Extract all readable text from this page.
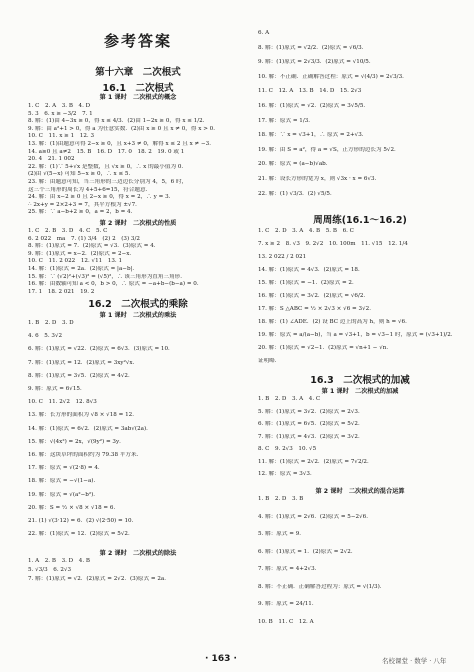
参考答案
第十六章　二次根式
16.1　二次根式
第 1 课时　二次根式的概念
1. C　2. A　3. B　4. D
5. 3　6. x ≥ −3/2　7. 1
8. 解：(1)由 4−3x ≥ 0，得 x ≤ 4/3．(2)由 1−2x ≥ 0，得 x ≤ 1/2．
9. 解：由 a²+1 > 0，得 a 为任意实数．(2)由 x ≥ 0 且 x ≠ 0，得 x > 0．
10. C　11. x ≥ 1　12. 3
13. 解：(1)由题意可得 2−x ≥ 0，且 x+3 ≠ 0，解得 x ≤ 2 且 x ≠ −3．
14. a≥0 且 a≠2　15. B　16. D　17. 0　18. 2　19. 0 或 1
20. 4　21. 1 002
22. 解：(1)∵ 5+√x 是整数，且 √x ≥ 0，∴ x 的最小值为 0．
(2)由 √(5−x) 可知 5−x ≥ 0，∴ x ≤ 5．
23. 解：由题意可知，当三角形的三边边长分别为 4，5，6 时，
这三个三角形的周长为 4+5+6=15，符合题意．
24. 解：由 x−2 ≥ 0 且 2−x ≥ 0，得 x = 2，∴ y = 3．
∴ 2x+y = 2×2+3 = 7，其平方根为 ±√7．
25. 解：∵ a−b+2 ≥ 0，a = 2，b = 4．
第 2 课时　二次根式的性质
1. C　2. B　3. D　4. C　5. C
6. 2 022　ma　7. (1) 3/4　(2) 2　(3) 3/2
8. 解：(1)原式 = 7．(2)原式 = √3．(3)原式 = 4．
9. 解：(1)原式 = x−2．(2)原式 = 2−x．
10. C　11. 2 022　12. √11　13. 1
14. 解：(1)原式 = 2a．(2)原式 = |a−b|．
15. 解：∵ (√2)²+(√3)² = (√5)²，∴ 该三角形为直角三角形．
16. 解：由数轴可知 a < 0，b > 0，∴ 原式 = −a+b−(b−a) = 0．
17. 1　18. 2 021　19. 2
16.2　二次根式的乘除
第 1 课时　二次根式的乘法
1. B　2. D　3. D
4. 6　5. 3√2
6. 解：(1)原式 = √22．(2)原式 = 6√3．(3)原式 = 10．
7. 解：(1)原式 = 12．(2)原式 = 3xy²√x．
8. 解：(1)原式 = 3√5．(2)原式 = 4√2．
9. 解：原式 = 6√15．
10. C　11. 2√2　12. 8√3
13. 解：长方形的面积为 √8 × √18 = 12．
14. 解：(1)原式 = 6√2．(2)原式 = 3ab√(2a)．
15. 解：√(4x²) = 2x，√(9y²) = 3y．
16. 解：这块草坪的面积约为 79.38 平方米．
17. 解：原式 = √(2·8) = 4．
18. 解：原式 = −√(1−a)．
19. 解：原式 = √(a²−b²)．
20. 解：S = ½ × √8 × √18 = 6．
21. (1) √(3·12) = 6．(2) √(2·50) = 10．
22. 解：(1)原式 = 12．(2)原式 = 5√2．
第 2 课时　二次根式的除法
1. A　2. B　3. D　4. B
5. √3/3　6. 2√3
7. 解：(1)原式 = √2．(2)原式 = 2√2．(3)原式 = 2a．
6. A
8. 解：(1)原式 = √2/2．(2)原式 = √6/3．
9. 解：(1)原式 = 2√3/3．(2)原式 = √10/5．
10. 解：不正确．正确解答过程：原式 = √(4/3) = 2√3/3．
11. C　12. A　13. B　14. D　15. 2√3
16. 解：(1)原式 = √2．(2)原式 = 3√5/5．
17. 解：原式 = 1/3．
18. 解：∵ x = √3+1，∴ 原式 = 2+√3．
19. 解：由 S = a²，得 a = √S，正方形的边长为 5√2．
20. 解：原式 = (a−b)√ab．
21. 解：设长方形的宽为 x，则 √3x · x = 6√3．
22. 解：(1) √3/3．(2) √5/5．
周周练(16.1～16.2)
1. C　2. D　3. A　4. B　5. B　6. C
7. x ≥ 2　8. √3　9. 2√2　10. 100m　11. √15　12. 1/4
13. 2 022 / 2 021
14. 解：(1)原式 = 4√3．(2)原式 = 18．
15. 解：(1)原式 = −1．(2)原式 = 2．
16. 解：(1)原式 = 3√2．(2)原式 = √6/2．
17. 解：S △ABC = ½ × 2√3 × √6 = 3√2．
18. 解：(1) ∠ADE．(2) 设 BC 边上的高为 h，则 h = √6．
19. 解：原式 = a/(a−b)，当 a = √3+1，b = √3−1 时，原式 = (√3+1)/2．
20. 解：(1)原式 = √2−1．(2)原式 = √n+1 − √n．
证明略．
16.3　二次根式的加减
第 1 课时　二次根式的加减
1. B　2. D　3. A　4. C
5. 解：(1)原式 = 3√2．(2)原式 = 2√3．
6. 解：(1)原式 = 6√5．(2)原式 = 5√2．
7. 解：(1)原式 = 4√3．(2)原式 = 3√2．
8. C　9. 2√3　10. √5
11. 解：(1)原式 = 2√2．(2)原式 = 7√2/2．
12. 解：原式 = 3√3．
第 2 课时　二次根式的混合运算
1. B　2. D　3. B
4. 解：(1)原式 = 2√6．(2)原式 = 5−2√6．
5. 解：原式 = 9．
6. 解：(1)原式 = 1．(2)原式 = 2√2．
7. 解：原式 = 4+2√3．
8. 解：不正确．正确解答过程为：原式 = √(1/3)．
9. 解：原式 = 24/11．
10. B　11. C　12. A
· 163 ·	名校课堂 · 数学 · 八年
